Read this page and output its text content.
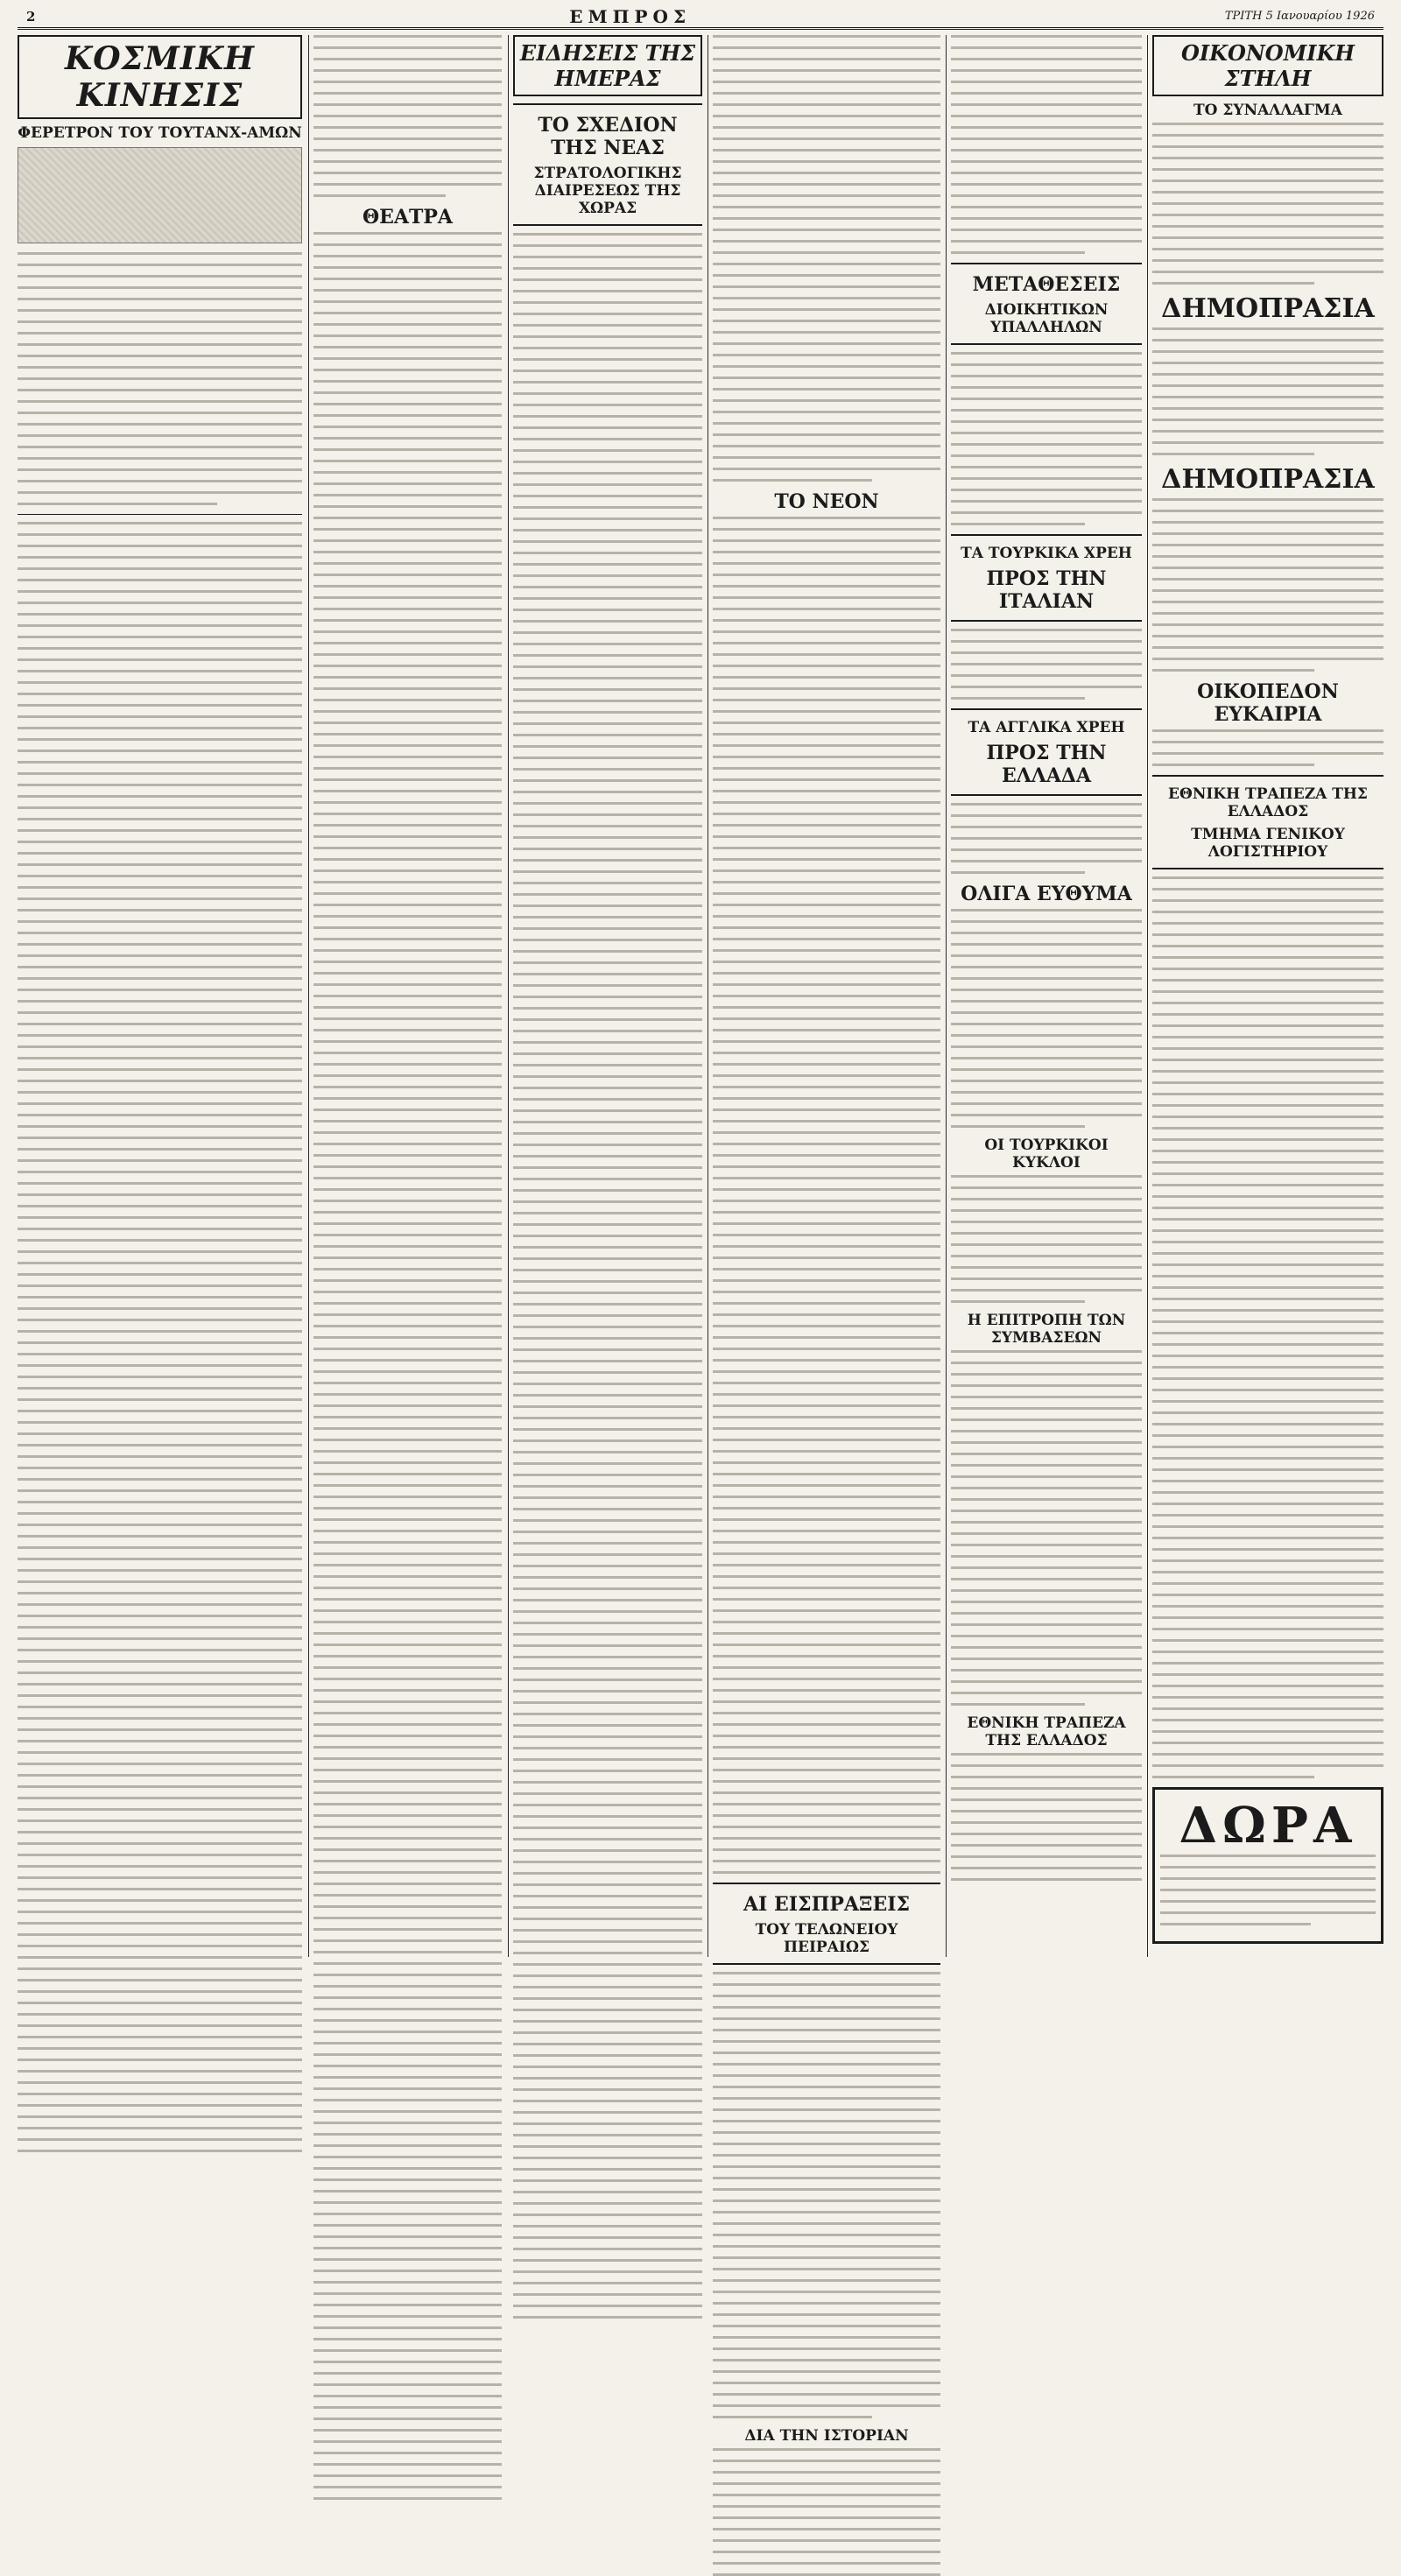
2	ΕΜΠΡΟΣ	ΤΡΙΤΗ 5 Ιανουαρίου 1926
ΚΟΣΜΙΚΗ ΚΙΝΗΣΙΣ
ΦΕΡΕΤΡΟΝ ΤΟΥ ΤΟΥΤΑΝΧ-ΑΜΩΝ
ΘΕΑΤΡΑ
ΕΙΔΗΣΕΙΣ ΤΗΣ ΗΜΕΡΑΣ
ΤΟ ΣΧΕΔΙΟΝ ΤΗΣ ΝΕΑΣ
ΣΤΡΑΤΟΛΟΓΙΚΗΣ ΔΙΑΙΡΕΣΕΩΣ ΤΗΣ ΧΩΡΑΣ
ΤΟ ΝΕΟΝ
ΑΙ ΕΙΣΠΡΑΞΕΙΣ
ΤΟΥ ΤΕΛΩΝΕΙΟΥ ΠΕΙΡΑΙΩΣ
ΔΙΑ ΤΗΝ ΙΣΤΟΡΙΑΝ
ΜΕΤΑΘΕΣΕΙΣ
ΔΙΟΙΚΗΤΙΚΩΝ ΥΠΑΛΛΗΛΩΝ
ΤΑ ΤΟΥΡΚΙΚΑ ΧΡΕΗ
ΠΡΟΣ ΤΗΝ ΙΤΑΛΙΑΝ
ΤΑ ΑΓΓΛΙΚΑ ΧΡΕΗ
ΠΡΟΣ ΤΗΝ ΕΛΛΑΔΑ
ΟΛΙΓΑ ΕΥΘΥΜΑ
ΟΙ ΤΟΥΡΚΙΚΟΙ ΚΥΚΛΟΙ
Η ΕΠΙΤΡΟΠΗ ΤΩΝ ΣΥΜΒΑΣΕΩΝ
ΕΘΝΙΚΗ ΤΡΑΠΕΖΑ ΤΗΣ ΕΛΛΑΔΟΣ
ΟΙΚΟΝΟΜΙΚΗ ΣΤΗΛΗ
ΤΟ ΣΥΝΑΛΛΑΓΜΑ
ΔΗΜΟΠΡΑΣΙΑ
ΔΗΜΟΠΡΑΣΙΑ
ΟΙΚΟΠΕΔΟΝ ΕΥΚΑΙΡΙΑ
ΕΘΝΙΚΗ ΤΡΑΠΕΖΑ ΤΗΣ ΕΛΛΑΔΟΣ
ΤΜΗΜΑ ΓΕΝΙΚΟΥ ΛΟΓΙΣΤΗΡΙΟΥ
ΔΩΡΑ
